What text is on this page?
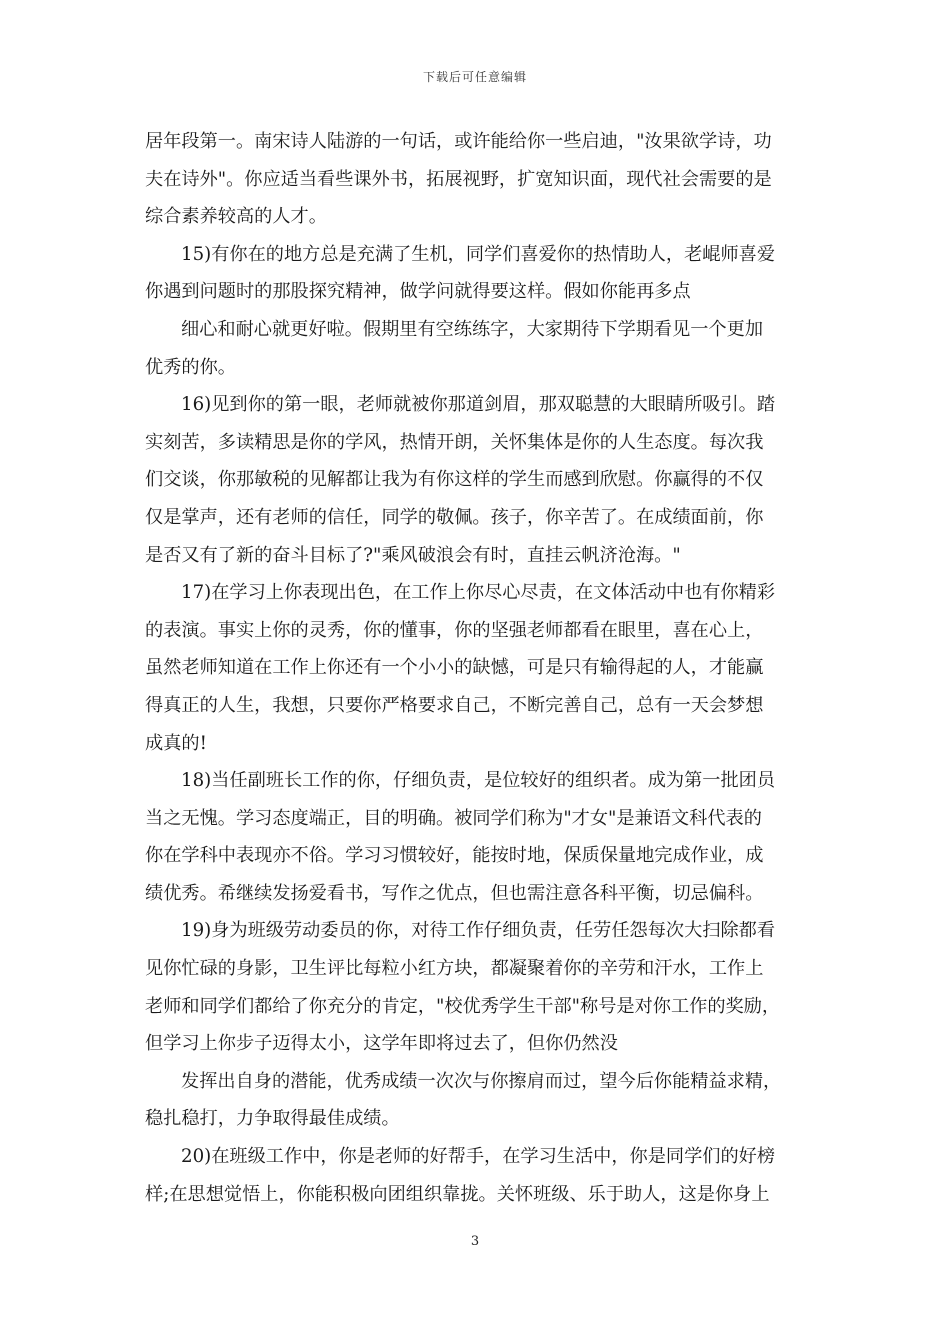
下载后可任意编辑
居年段第一。南宋诗人陆游的一句话，或许能给你一些启迪，"汝果欲学诗，功
夫在诗外"。你应适当看些课外书，拓展视野，扩宽知识面，现代社会需要的是
综合素养较高的人才。
15)有你在的地方总是充满了生机，同学们喜爱你的热情助人，老崐师喜爱
你遇到问题时的那股探究精神，做学问就得要这样。假如你能再多点
细心和耐心就更好啦。假期里有空练练字，大家期待下学期看见一个更加
优秀的你。
16)见到你的第一眼，老师就被你那道剑眉，那双聪慧的大眼睛所吸引。踏
实刻苦，多读精思是你的学风，热情开朗，关怀集体是你的人生态度。每次我
们交谈，你那敏税的见解都让我为有你这样的学生而感到欣慰。你赢得的不仅
仅是掌声，还有老师的信任，同学的敬佩。孩子，你辛苦了。在成绩面前，你
是否又有了新的奋斗目标了?"乘风破浪会有时，直挂云帆济沧海。"
17)在学习上你表现出色，在工作上你尽心尽责，在文体活动中也有你精彩
的表演。事实上你的灵秀，你的懂事，你的坚强老师都看在眼里，喜在心上，
虽然老师知道在工作上你还有一个小小的缺憾，可是只有输得起的人，才能赢
得真正的人生，我想，只要你严格要求自己，不断完善自己，总有一天会梦想
成真的!
18)当任副班长工作的你，仔细负责，是位较好的组织者。成为第一批团员
当之无愧。学习态度端正，目的明确。被同学们称为"才女"是兼语文科代表的
你在学科中表现亦不俗。学习习惯较好，能按时地，保质保量地完成作业，成
绩优秀。希继续发扬爱看书，写作之优点，但也需注意各科平衡，切忌偏科。
19)身为班级劳动委员的你，对待工作仔细负责，任劳任怨每次大扫除都看
见你忙碌的身影，卫生评比每粒小红方块，都凝聚着你的辛劳和汗水，工作上
老师和同学们都给了你充分的肯定，"校优秀学生干部"称号是对你工作的奖励，
但学习上你步子迈得太小，这学年即将过去了，但你仍然没
发挥出自身的潜能，优秀成绩一次次与你擦肩而过，望今后你能精益求精，
稳扎稳打，力争取得最佳成绩。
20)在班级工作中，你是老师的好帮手，在学习生活中，你是同学们的好榜
样;在思想觉悟上，你能积极向团组织靠拢。关怀班级、乐于助人，这是你身上
3
